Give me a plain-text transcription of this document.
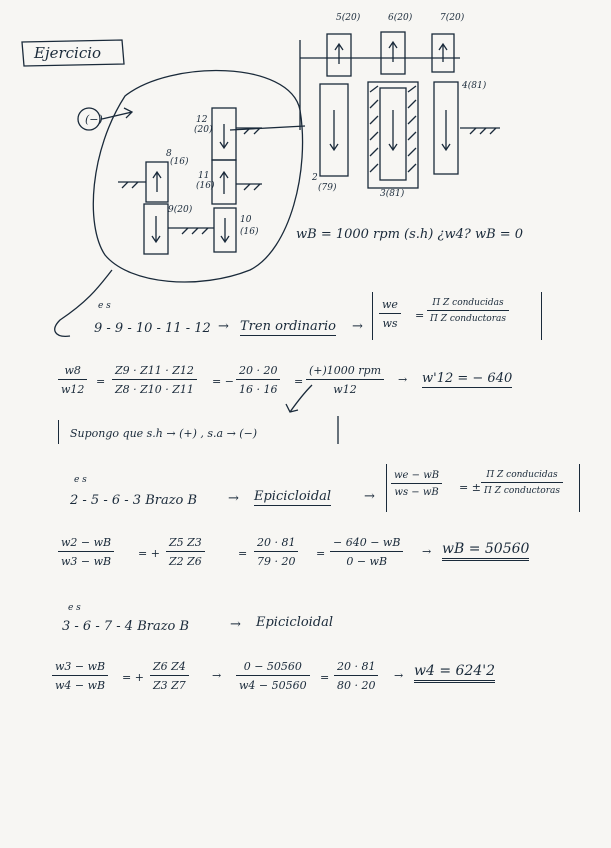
Ejercicio
(−)
5(20)	6(20)	7(20)
4(81)
2
(79)
3(81)
12
(20)
8
(16)
9(20)
11
(16)
10
(16)	wB = 1000 rpm (s.h) ¿w4? wB = 0
e s
9 - 9 - 10 - 11 - 12 → Tren ordinario → $\frac{we}{ws}$ =
Π Z conducidas
Π Z conductoras
$\frac{w8}{w12} = \frac{Z9 \cdot Z11 \cdot Z12}{Z8 \cdot Z10 \cdot Z11}$ = − $\frac{20 \cdot 20}{16 \cdot 16}$ =
(+)1000 rpm
w12
→ w'12 = − 640
Supongo que s.h → (+) , s.a → (−)
e s
2 - 5 - 6 - 3 Brazo B → Epicicloidal	→ $\frac{we - wB}{ws - wB}$ = ±
Π Z conducidas
Π Z conductoras
$\frac{w2 - wB}{w3 - wB}$ = + $\frac{Z5 Z3}{Z2 Z6}$	= $\frac{20 \cdot 81}{79 \cdot 20} = \frac{- 640 - wB}{0 - wB}$ → wB = 50560
e s
3 - 6 - 7 - 4 Brazo B	→ Epicicloidal
$\frac{w3 - wB}{w4 - wB}$ = + $\frac{Z6 Z4}{Z3 Z7} \to \frac{0 - 50560}{w4 - 50560} = \frac{20 \cdot 81}{80 \cdot 20} \to w4 = 624'2$
